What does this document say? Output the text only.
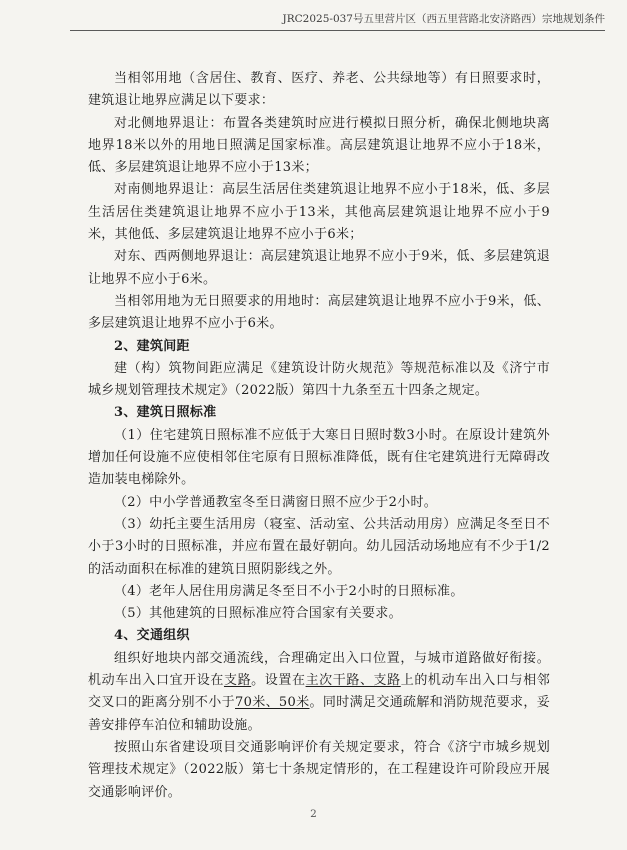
JRC2025-037号五里营片区（西五里营路北安济路西）宗地规划条件

当相邻用地（含居住、教育、医疗、养老、公共绿地等）有日照要求时，建筑退让地界应满足以下要求：

对北侧地界退让：布置各类建筑时应进行模拟日照分析，确保北侧地块离地界18米以外的用地日照满足国家标准。高层建筑退让地界不应小于18米，低、多层建筑退让地界不应小于13米；

对南侧地界退让：高层生活居住类建筑退让地界不应小于18米，低、多层生活居住类建筑退让地界不应小于13米，其他高层建筑退让地界不应小于9米，其他低、多层建筑退让地界不应小于6米；

对东、西两侧地界退让：高层建筑退让地界不应小于9米，低、多层建筑退让地界不应小于6米。

当相邻用地为无日照要求的用地时：高层建筑退让地界不应小于9米，低、多层建筑退让地界不应小于6米。

2、建筑间距

建（构）筑物间距应满足《建筑设计防火规范》等规范标准以及《济宁市城乡规划管理技术规定》（2022版）第四十九条至五十四条之规定。

3、建筑日照标准

（1）住宅建筑日照标准不应低于大寒日日照时数3小时。在原设计建筑外增加任何设施不应使相邻住宅原有日照标准降低，既有住宅建筑进行无障碍改造加装电梯除外。

（2）中小学普通教室冬至日满窗日照不应少于2小时。

（3）幼托主要生活用房（寝室、活动室、公共活动用房）应满足冬至日不小于3小时的日照标准，并应布置在最好朝向。幼儿园活动场地应有不少于1/2的活动面积在标准的建筑日照阴影线之外。

（4）老年人居住用房满足冬至日不小于2小时的日照标准。

（5）其他建筑的日照标准应符合国家有关要求。

4、交通组织

组织好地块内部交通流线，合理确定出入口位置，与城市道路做好衔接。机动车出入口宜开设在支路。设置在主次干路、支路上的机动车出入口与相邻交叉口的距离分别不小于70米、50米。同时满足交通疏解和消防规范要求，妥善安排停车泊位和辅助设施。

按照山东省建设项目交通影响评价有关规定要求，符合《济宁市城乡规划管理技术规定》（2022版）第七十条规定情形的，在工程建设许可阶段应开展交通影响评价。

2
